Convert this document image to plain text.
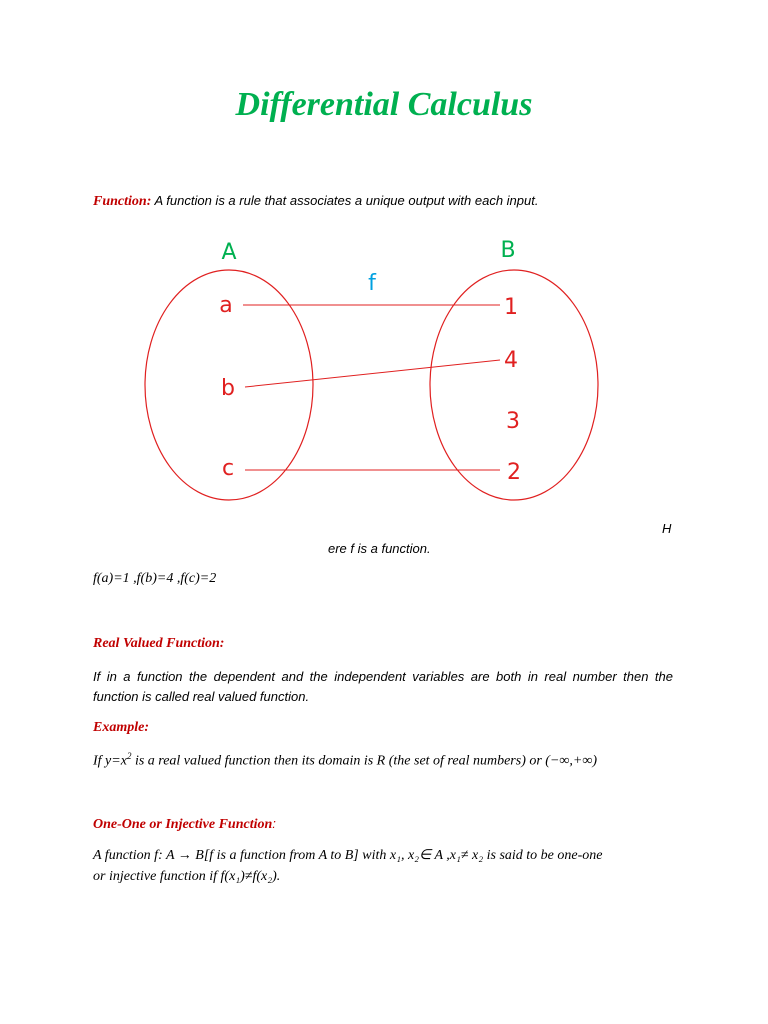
Differential Calculus
Function: A function is a rule that associates a unique output with each input.
A	B
f
a
b
c
1
4
3
2
H
ere f is a function.
f(a)=1 ,f(b)=4 ,f(c)=2
Real Valued Function:
If in a function the dependent and the independent variables are both in real number then the function is called real valued function.
Example:
If $y=x^2$ is a real valued function then its domain is R (the set of real numbers) or (−∞,+∞)
One-One or Injective Function:
A function f: A → B[f is a function from A to B] with x₁, x₂∈ A ,x₁≠ x₂ is said to be one-one
or injective function if f(x₁)≠f(x₂).
